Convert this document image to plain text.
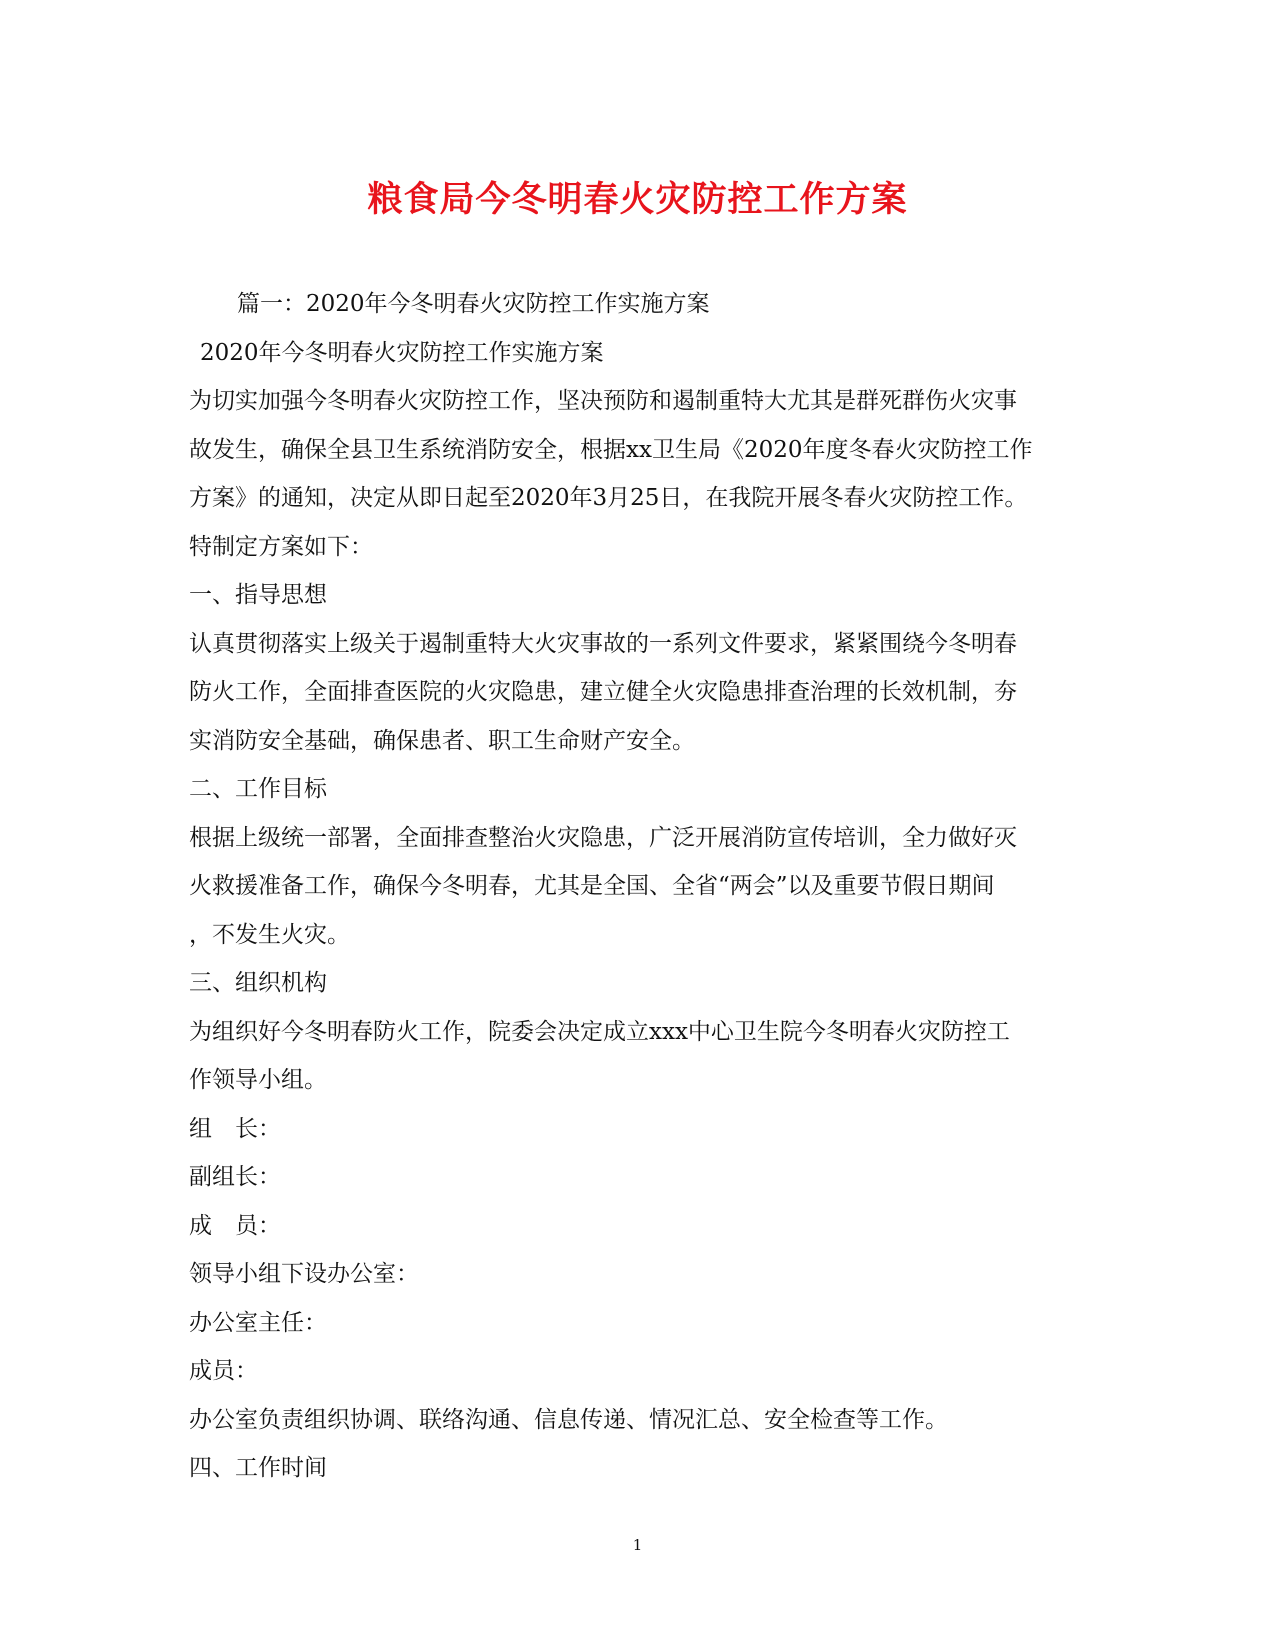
粮食局今冬明春火灾防控工作方案
篇一：2020年今冬明春火灾防控工作实施方案
2020年今冬明春火灾防控工作实施方案
为切实加强今冬明春火灾防控工作，坚决预防和遏制重特大尤其是群死群伤火灾事
故发生，确保全县卫生系统消防安全，根据xx卫生局《2020年度冬春火灾防控工作
方案》的通知，决定从即日起至2020年3月25日，在我院开展冬春火灾防控工作。
特制定方案如下：
一、指导思想
认真贯彻落实上级关于遏制重特大火灾事故的一系列文件要求，紧紧围绕今冬明春
防火工作，全面排查医院的火灾隐患，建立健全火灾隐患排查治理的长效机制，夯
实消防安全基础，确保患者、职工生命财产安全。
二、工作目标
根据上级统一部署，全面排查整治火灾隐患，广泛开展消防宣传培训，全力做好灭
火救援准备工作，确保今冬明春，尤其是全国、全省“两会”以及重要节假日期间
，不发生火灾。
三、组织机构
为组织好今冬明春防火工作，院委会决定成立xxx中心卫生院今冬明春火灾防控工
作领导小组。
组　长：
副组长：
成　员：
领导小组下设办公室：
办公室主任：
成员：
办公室负责组织协调、联络沟通、信息传递、情况汇总、安全检查等工作。
四、工作时间
1
